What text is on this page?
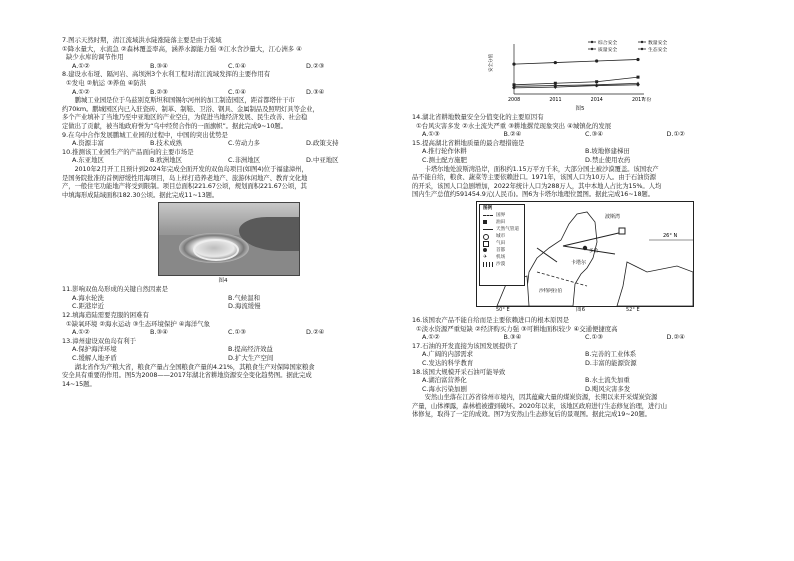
7.图示天然时期，清江流域洪水陡涨陡落主要是由于流域
①降水量大，水流急 ②森林覆盖率高，涵养水源能力强 ③江水含沙量大，江心洲多 ④
缺少水库的调节作用
A.①②	B.③④	C.①④	D.②③
8.建设水布垭、隔河岩、高坝洲3个水利工程对清江流域发挥的主要作用有
①发电 ②航运 ③养鱼 ④防洪
A.①②	B.②③	C.①④	D.③④
　　鹏城工业园是位于乌兹别克斯坦和国锡尔河州的加工制造园区，距首都塔什干市
约70km。鹏城园区内已入驻瓷砖、制革、制鞋、卫浴、钢具、金属制品及照明灯具等企业，
多个产业填补了当地乃至中亚地区的产业空白，为促进当地经济发展、民生改善、社会稳
定做出了贡献，被当地政府誉为“乌中经贸合作的一面旗帜”。据此完成9~10题。
9.在乌中合作发展鹏城工业园的过程中，中国的突出优势是
A.资源丰富	B.技术成熟	C.劳动力多	D.政策支持
10.推测该工业园生产的产品面向的主要市场是
A.东亚地区	B.欧洲地区	C.非洲地区	D.中亚地区
　　2010年2月开工且预计到2024年完成全面开发的双鱼岛项目(如图4)位于福建漳州，
是国务院批准的首例舒缓性用海项目，岛上样打造养老地产、旅游休闲地产、教育文化地
产，一般住宅功能地产将受到限制。项目总面积221.67公顷，规划面积221.67公顷，其
中填海形成陆域面积182.30公顷。据此完成11~13题。
图4
11.影响双鱼岛形成的关键自然因素是
A.海水轮洗	B.气候温和
C.距港岸近	D.海流缓慢
12.填海造陆需要克服的困难有
①缺氧环境 ②海水运动 ③生态环境保护 ④海洋气象
A.①②	B.③④	C.①③	D.②④
13.漳州建设双鱼岛有利于
A.保护海洋环境	B.提高经济效益
C.缓解人地矛盾	D.扩大生产空间
　　湖北省作为产粮大省，粮食产量占全国粮食产量的4.21%，其粮食生产对保障国家粮食
安全具有重要的作用。图5为2008——2017年湖北省耕地资源安全变化趋势图。据此完成
14~15题。
安全分值
2008	2011	2014	2017
年份
综合安全	数量安全
质量安全	生态安全
图5
14.湖北省耕地数量安全分值变化的主要原因有
①台风灾害多发 ②水土流失严重 ③耕地撂荒现象突出 ④城镇化的发展
A.①③	B.②④	C.③④	D.①②
15.提高湖北省耕地质量的最合理措施是
A.推行轮作休耕	B.坡地修建梯田
C.测土配方施肥	D.禁止使用农药
　　卡塔尔地处波斯湾沿岸，面积约1.15万平方千米，大部分国土被沙漠覆盖。该国农产
品不能自给，粮食、蔬菜等主要依赖进口。1971年，该国人口为10万人。由于石油资源
的开采，该国人口急剧增加，2022年统计人口为288万人，其中本地人占比为15%。人均
国内生产总值约591454.9元(人民币)。图6为卡塔尔地理位置图。据此完成16~18题。
26° N
卡塔尔
多哈
波斯湾
沙特阿拉伯
图例
国界
油田
天然气管道
城市
气田
首都
✈	机场
沙漠
50° E	图6	52° E
16.该国农产品不能自给而是主要依赖进口的根本原因是
①淡水资源严重短缺 ②经济购买力强 ③可耕地面积较少 ④交通便捷度高
A.①②	B.③④	C.①③	D.②④
17.石油的开发直接为该国发展提供了
A.广阔的内部需求	B.完善的工业体系
C.发达的科学教育	D.丰富的能源资源
18.该国大规模开采石油可能导致
A.湖泊富营养化	B.水土流失加重
C.海水污染加剧	D.飓风灾害多发
　　安然山坐落在江苏省徐州市境内，因其蕴藏大量的煤炭资源，长期以来开采煤炭资源
产量，山体裸露，森林植被遭到破坏。2020年以来，该地区政府进行生态修复治理，进行山
体修复，取得了一定的成效。图7为安然山生态修复后的景观图。据此完成19~20题。
